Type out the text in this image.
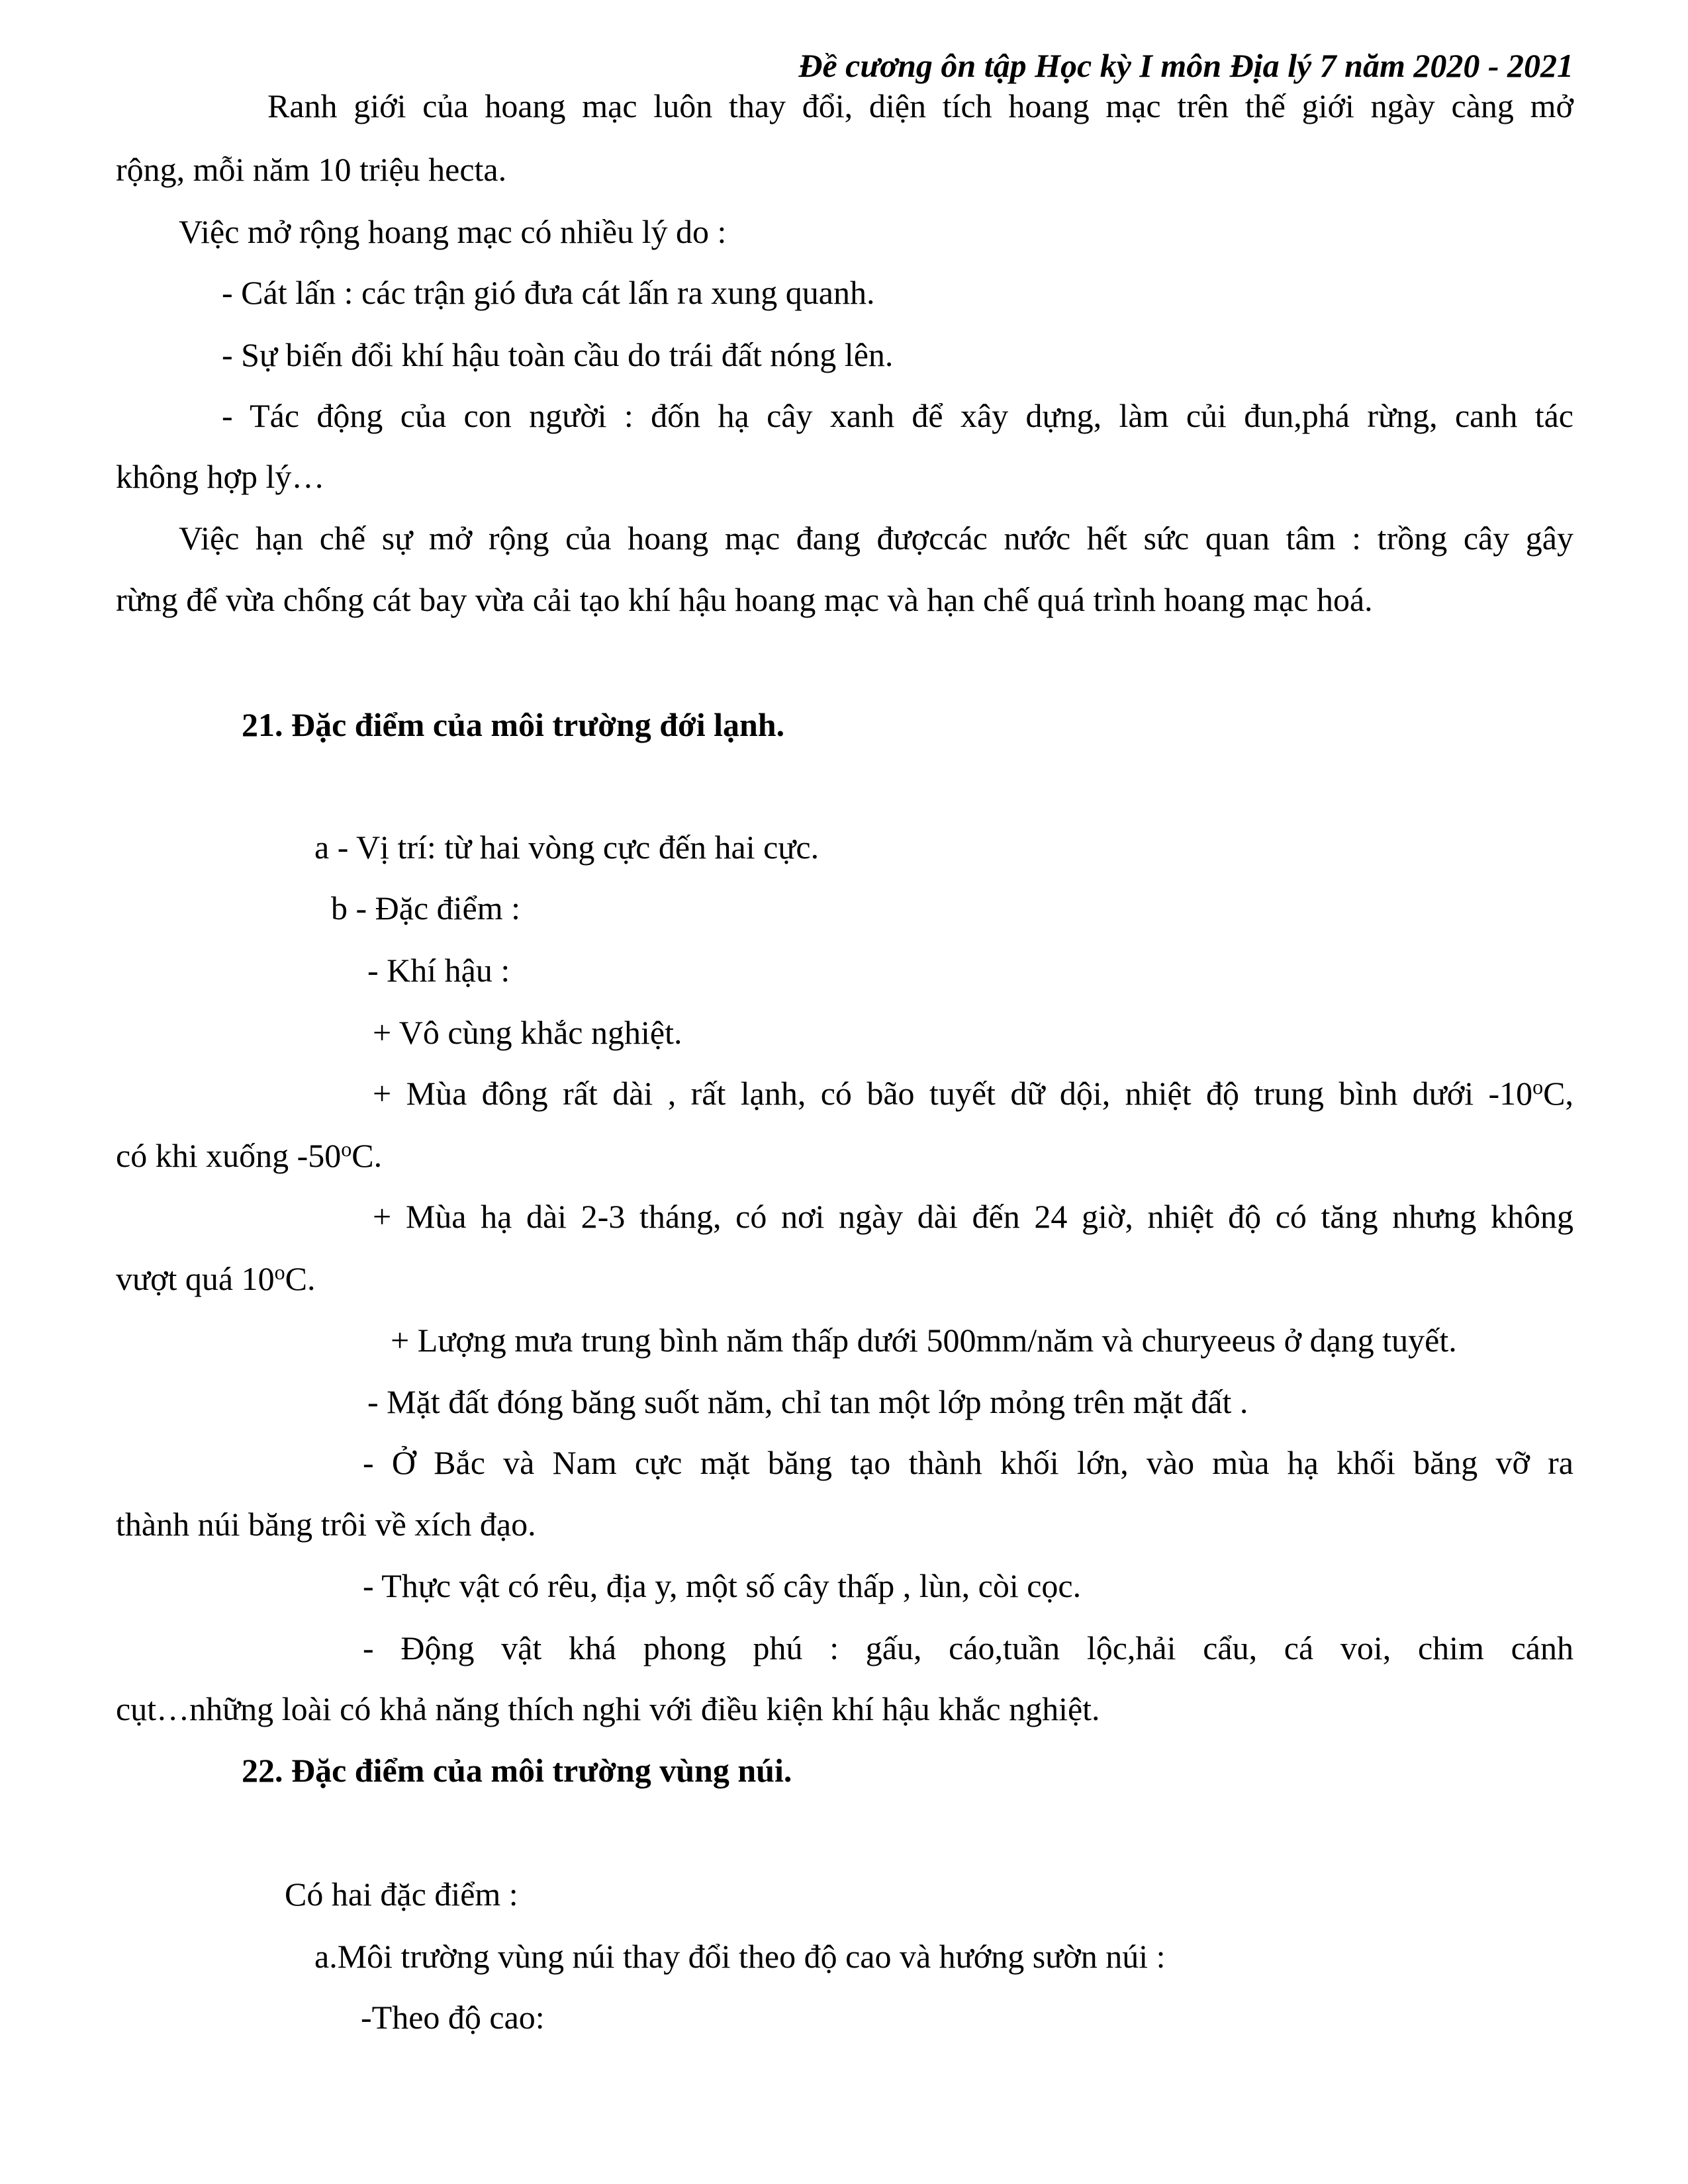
Đề cương ôn tập Học kỳ I môn Địa lý 7 năm 2020 - 2021
Ranh giới của hoang mạc luôn thay đổi, diện tích hoang mạc trên thế giới ngày càng mở
rộng, mỗi năm 10 triệu hecta.
Việc mở rộng hoang mạc có nhiều lý do :
- Cát lấn : các trận gió đưa cát lấn ra xung quanh.
- Sự biến đổi khí hậu toàn cầu do trái đất nóng lên.
- Tác động của con người : đốn hạ cây xanh để xây dựng, làm củi đun,phá rừng, canh tác
không hợp lý…
Việc hạn chế sự mở rộng của hoang mạc đang đượccác nước hết sức quan tâm : trồng cây gây
rừng để vừa chống cát bay vừa cải tạo khí hậu hoang mạc và hạn chế quá trình hoang mạc hoá.
21. Đặc điểm của môi trường đới lạnh.
a - Vị trí: từ hai vòng cực đến hai cực.
b - Đặc điểm :
- Khí hậu :
+ Vô cùng khắc nghiệt.
+ Mùa đông rất dài , rất lạnh, có bão tuyết dữ dội, nhiệt độ trung bình dưới -10$^o$C,
có khi xuống $-50^oC$.
+ Mùa hạ dài 2-3 tháng, có nơi ngày dài đến 24 giờ, nhiệt độ có tăng nhưng không
vượt quá $10^oC$.
+ Lượng mưa trung bình năm thấp dưới 500mm/năm và churyeeus ở dạng tuyết.
- Mặt đất đóng băng suốt năm, chỉ tan một lớp mỏng trên mặt đất .
- Ở Bắc và Nam cực mặt băng tạo thành khối lớn, vào mùa hạ khối băng vỡ ra
thành núi băng trôi về xích đạo.
- Thực vật có rêu, địa y, một số cây thấp , lùn, còi cọc.
- Động vật khá phong phú : gấu, cáo,tuần lộc,hải cẩu, cá voi, chim cánh
cụt…những loài có khả năng thích nghi với điều kiện khí hậu khắc nghiệt.
22. Đặc điểm của môi trường vùng núi.
Có hai đặc điểm :
a.Môi trường vùng núi thay đổi theo độ cao và hướng sườn núi :
-Theo độ cao:
